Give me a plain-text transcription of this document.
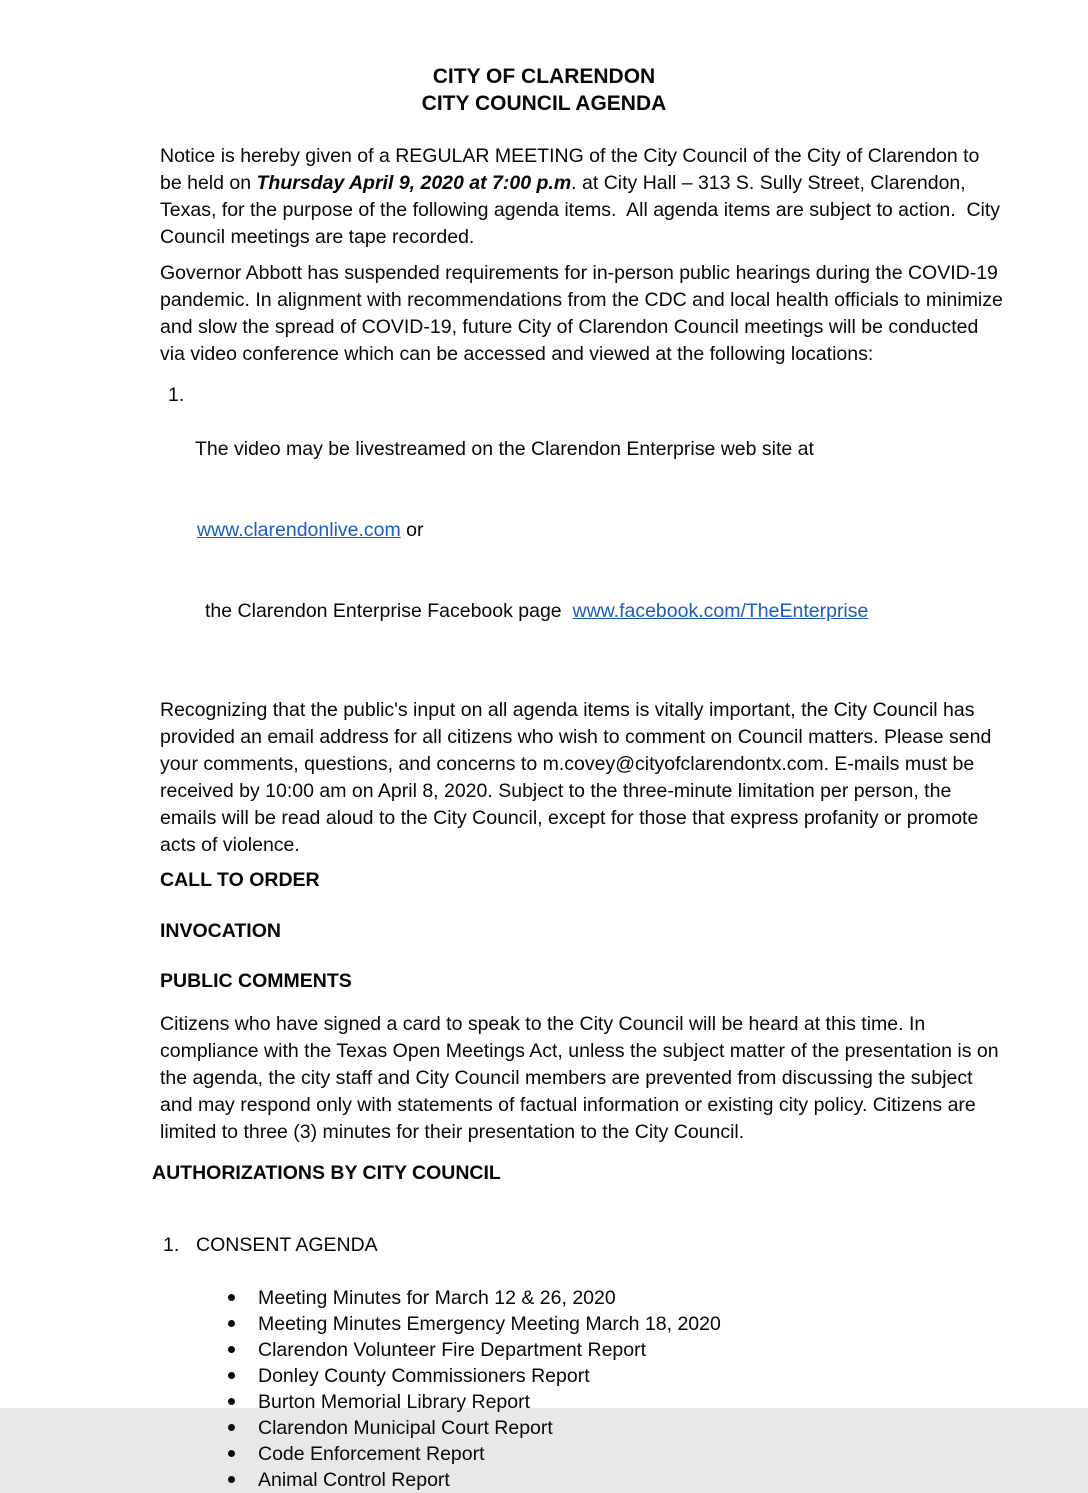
CITY OF CLARENDON
CITY COUNCIL AGENDA

Notice is hereby given of a REGULAR MEETING of the City Council of the City of Clarendon to be held on Thursday April 9, 2020 at 7:00 p.m. at City Hall – 313 S. Sully Street, Clarendon, Texas, for the purpose of the following agenda items.  All agenda items are subject to action.  City Council meetings are tape recorded.

Governor Abbott has suspended requirements for in-person public hearings during the COVID-19 pandemic. In alignment with recommendations from the CDC and local health officials to minimize and slow the spread of COVID-19, future City of Clarendon Council meetings will be conducted via video conference which can be accessed and viewed at the following locations:

1.

The video may be livestreamed on the Clarendon Enterprise web site at

www.clarendonlive.com or

the Clarendon Enterprise Facebook page  www.facebook.com/TheEnterprise

Recognizing that the public's input on all agenda items is vitally important, the City Council has provided an email address for all citizens who wish to comment on Council matters. Please send your comments, questions, and concerns to m.covey@cityofclarendontx.com. E-mails must be received by 10:00 am on April 8, 2020. Subject to the three-minute limitation per person, the emails will be read aloud to the City Council, except for those that express profanity or promote acts of violence.

CALL TO ORDER
INVOCATION
PUBLIC COMMENTS

Citizens who have signed a card to speak to the City Council will be heard at this time. In compliance with the Texas Open Meetings Act, unless the subject matter of the presentation is on the agenda, the city staff and City Council members are prevented from discussing the subject and may respond only with statements of factual information or existing city policy. Citizens are limited to three (3) minutes for their presentation to the City Council.

AUTHORIZATIONS BY CITY COUNCIL
1. CONSENT AGENDA
Meeting Minutes for March 12 & 26, 2020
Meeting Minutes Emergency Meeting March 18, 2020
Clarendon Volunteer Fire Department Report
Donley County Commissioners Report
Burton Memorial Library Report
Clarendon Municipal Court Report
Code Enforcement Report
Animal Control Report
